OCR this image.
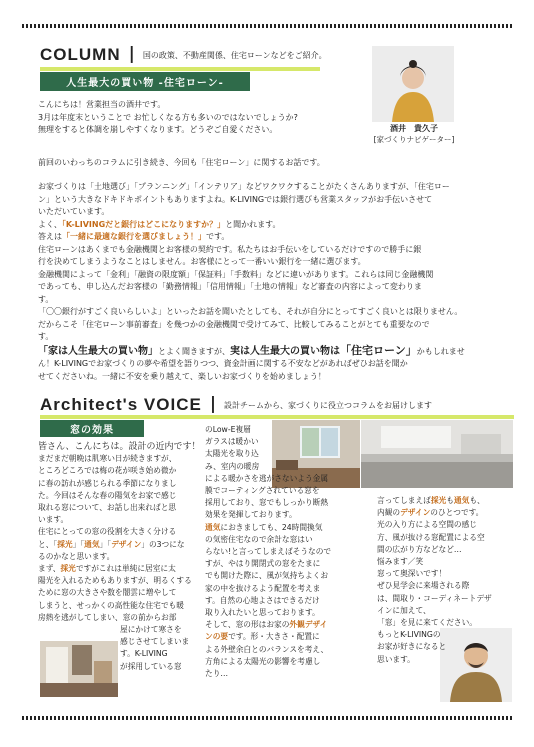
COLUMN | 国の政策、不動産関係、住宅ローンなどをご紹介。
人生最大の買い物 -住宅ローン-
酒井　貴久子
[家づくりナビゲーター]

こんにちは！営業担当の酒井です。

3月は年度末ということで お忙しくなる方も多いのではないでしょうか?

無理をすると体調を崩しやすくなります。どうぞご自愛ください。

前回のいわっちのコラムに引き続き、今回も「住宅ローン」に関するお話です。

お家づくりは「土地選び」「プランニング」「インテリア」などワクワクすることがたくさんありますが、「住宅ロー

ン」という大きなドキドキポイントもありますよね。K-LIVINGでは銀行選びも営業スタッフがお手伝いさせて

いただいています。

よく、「K-LIVINGだと銀行はどこになりますか？」と聞かれます。

答えは「一緒に最適な銀行を選びましょう！」です。

住宅ローンはあくまでも金融機関とお客様の契約です。私たちはお手伝いをしているだけですので勝手に銀

行を決めてしまうようなことはしません。お客様にとって一番いい銀行を一緒に選びます。

金融機関によって「金利」「融資の限度額」「保証料」「手数料」などに違いがあります。これらは同じ金融機関

であっても、申し込んだお客様の「勤務情報」「信用情報」「土地の情報」など審査の内容によって変わりま

す。

「〇〇銀行がすごく良いらしいよ」といったお話を聞いたとしても、それが自分にとってすごく良いとは限りません。

だからこそ「住宅ローン事前審査」を幾つかの金融機関で受けてみて、比較してみることがとても重要なので

す。

「家は人生最大の買い物」とよく聞きますが、実は人生最大の買い物は「住宅ローン」かもしれませ

ん！K-LIVINGでお家づくりの夢や希望を語りつつ、資金計画に関する不安などがあればぜひお話を聞か

せてくださいね。一緒に不安を乗り越えて、楽しいお家づくりを始めましょう！

Architect's VOICE | 設計チームから、家づくりに役立つコラムをお届けします
窓の効果

皆さん、こんにちは。設計の近内です！

まだまだ朝晩は肌寒い日が続きますが、

ところどころでは梅の花が咲き始め微か

に春の訪れが感じられる季節になりまし

た。今回はそんな春の陽気をお家で感じ

取れる窓について、お話し出来ればと思

います。

住宅にとっての窓の役割を大きく分ける

と、「採光」「通気」「デザイン」の3つにな

るのかなと思います。

まず、採光ですがこれは単純に居室に太

陽光を入れるためもありますが、明るくする

ために窓の大きさや数を闇雲に増やして

しまうと、せっかくの高性能な住宅でも暖

房熱を逃がしてしまい、窓の前からお部

屋にかけて寒さを

感じさせてしまいま

す。K-LIVING

が採用している窓

のLow-E複層

ガラスは暖かい

太陽光を取り込

み、室内の暖房

による暖かさを逃がさないよう金属

膜でコーティングされている窓を

採用しており、窓でもしっかり断熱

効果を発揮しております。

通気におきましても、24時間換気

の気密住宅なので余計な窓はい

らない!と言ってしまえばそうなので

すが、やはり開閉式の窓をたまに

でも開けた際に、風が気持ちよくお

家の中を抜けるよう配置を考えま

す。自然の心地よさはできるだけ

取り入れたいと思っております。

そして、窓の形はお家の外観デザイ

ンの要です。形・大きさ・配置に

よる外壁余白とのバランスを考え、

方角による太陽光の影響を考慮し

たり…

言ってしまえば採光も通気も、

内観のデザインのひとつです。

光の入り方による空間の感じ

方、風が抜ける窓配置による空

間の広がり方などなど…

悩みます／笑

窓って奥深いです！

ぜひ見学会に来場される際

は、間取り・コーディネートデザ

インに加えて、

「窓」を見に来てください。

もっとK-LIVINGの

お家が好きになると

思います。
